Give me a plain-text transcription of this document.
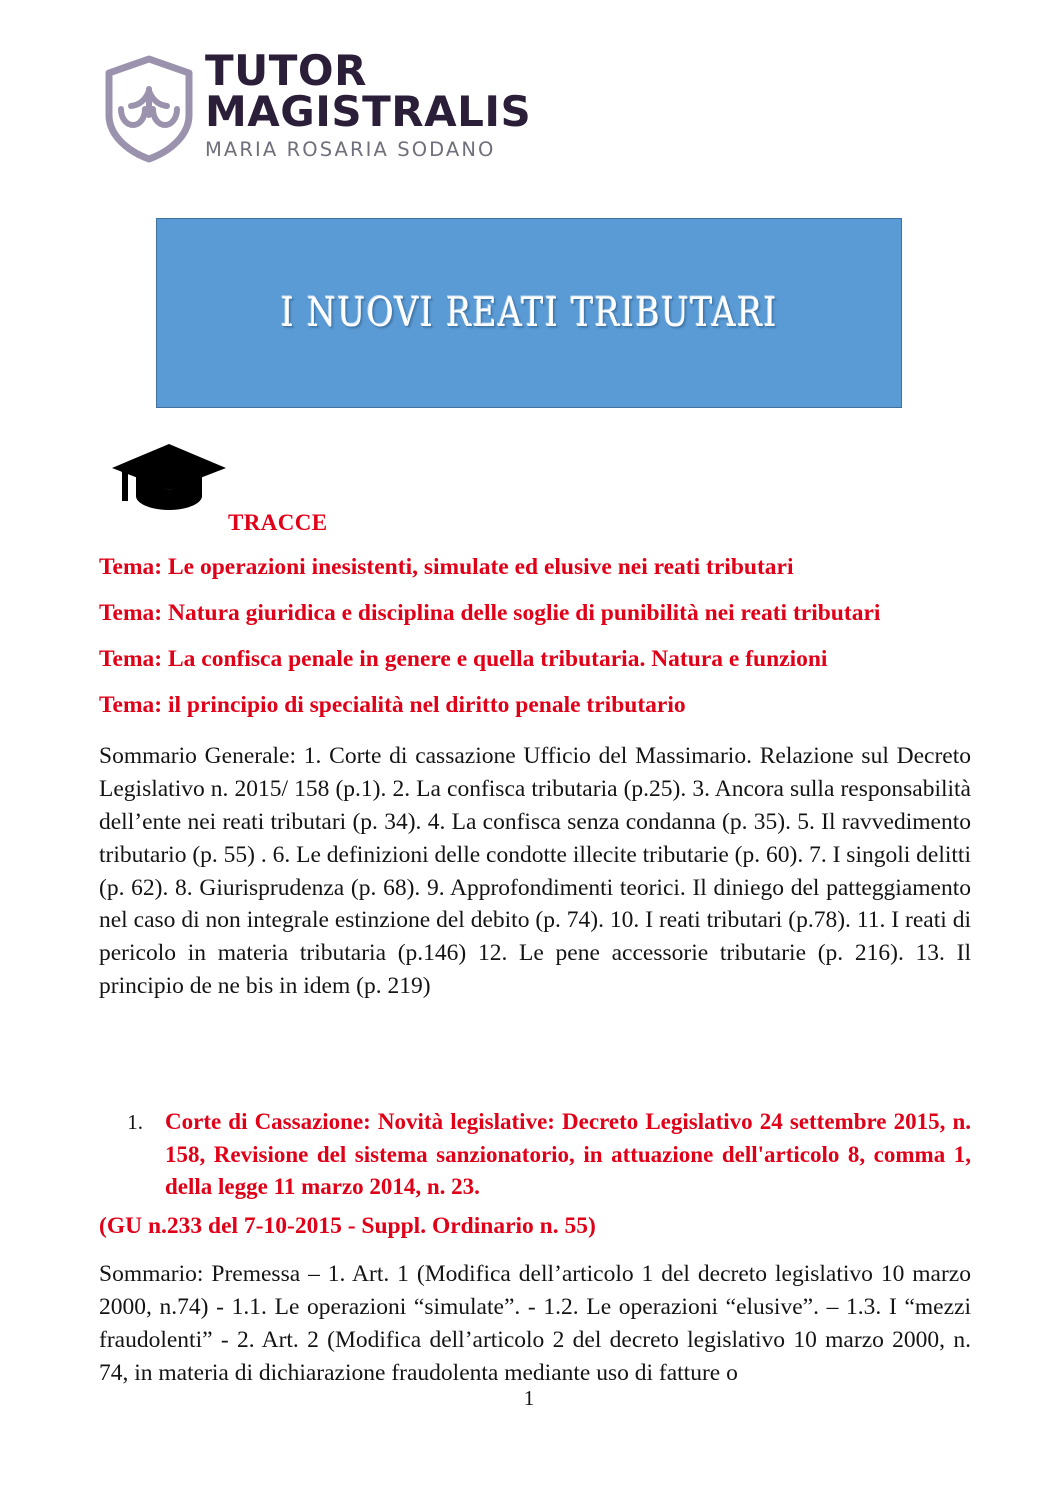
TUTOR
MAGISTRALIS
MARIA ROSARIA SODANO
I NUOVI REATI TRIBUTARI
TRACCE
Tema: Le operazioni inesistenti, simulate ed elusive nei reati tributari
Tema: Natura giuridica e disciplina delle soglie di punibilità nei reati tributari
Tema: La confisca penale in genere e quella tributaria. Natura e funzioni
Tema: il principio di specialità nel diritto penale tributario
Sommario Generale: 1. Corte di cassazione Ufficio del Massimario. Relazione sul Decreto Legislativo n. 2015/ 158 (p.1). 2. La confisca tributaria (p.25). 3. Ancora sulla responsabilità dell’ente nei reati tributari (p. 34). 4. La confisca senza condanna (p. 35). 5. Il ravvedimento tributario (p. 55) . 6. Le definizioni delle condotte illecite tributarie (p. 60). 7. I singoli delitti (p. 62). 8. Giurisprudenza (p. 68). 9. Approfondimenti teorici. Il diniego del patteggiamento nel caso di non integrale estinzione del debito (p. 74). 10. I reati tributari (p.78). 11. I reati di pericolo in materia tributaria (p.146) 12. Le pene accessorie tributarie (p. 216). 13. Il principio de ne bis in idem (p. 219)
1. Corte di Cassazione: Novità legislative: Decreto Legislativo 24 settembre 2015, n. 158, Revisione del sistema sanzionatorio, in attuazione dell'articolo 8, comma 1, della legge 11 marzo 2014, n. 23.
(GU n.233 del 7-10-2015 - Suppl. Ordinario n. 55)
Sommario: Premessa – 1. Art. 1 (Modifica dell’articolo 1 del decreto legislativo 10 marzo 2000, n.74) - 1.1. Le operazioni “simulate”. - 1.2. Le operazioni “elusive”. – 1.3. I “mezzi fraudolenti” - 2. Art. 2 (Modifica dell’articolo 2 del decreto legislativo 10 marzo 2000, n. 74, in materia di dichiarazione fraudolenta mediante uso di fatture o
1
